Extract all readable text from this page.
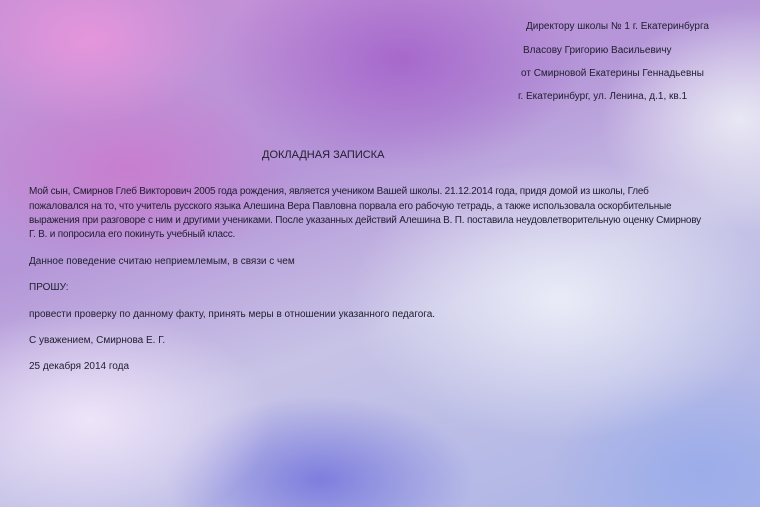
Директору школы № 1 г. Екатеринбурга
Власову Григорию Васильевичу
от Смирновой Екатерины Геннадьевны
г. Екатеринбург, ул. Ленина, д.1, кв.1
ДОКЛАДНАЯ ЗАПИСКА
Мой сын, Смирнов Глеб Викторович 2005 года рождения, является учеником Вашей школы. 21.12.2014 года, придя домой из школы, Глеб
пожаловался на то, что учитель русского языка Алешина Вера Павловна порвала его рабочую тетрадь, а также использовала оскорбительные
выражения при разговоре с ним и другими учениками. После указанных действий Алешина В. П. поставила неудовлетворительную оценку Смирнову
Г. В. и попросила его покинуть учебный класс.
Данное поведение считаю неприемлемым, в связи с чем
ПРОШУ:
провести проверку по данному факту, принять меры в отношении указанного педагога.
С уважением, Смирнова Е. Г.
25 декабря 2014 года
